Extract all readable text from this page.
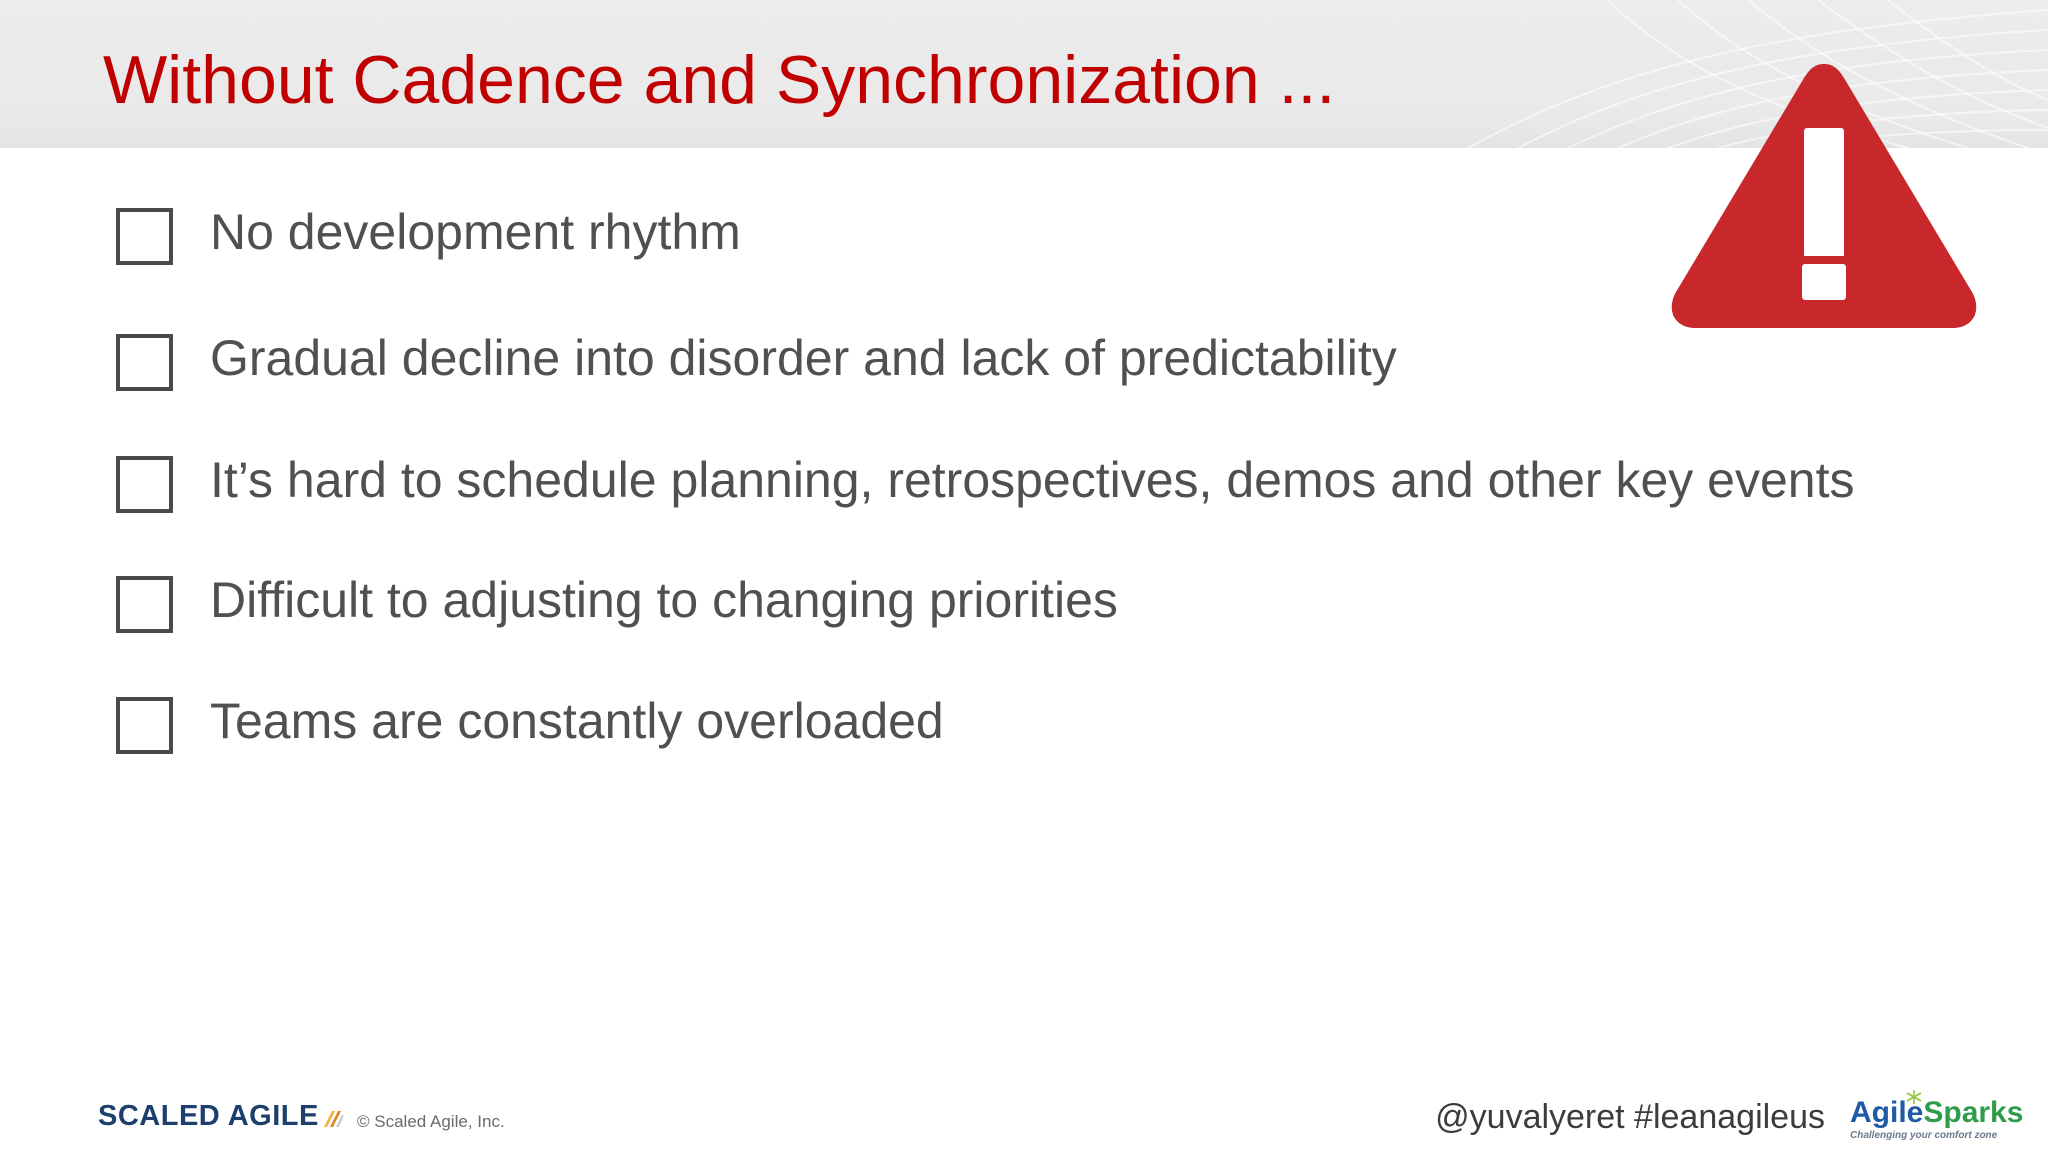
Without Cadence and Synchronization ...
No development rhythm
Gradual decline into disorder and lack of predictability
It’s hard to schedule planning, retrospectives, demos and other key events
Difficult to adjusting to changing priorities
Teams are constantly overloaded
SCALED AGILE © Scaled Agile, Inc.	@yuvalyeret #leanagileus AgileSparks
Challenging your comfort zone
